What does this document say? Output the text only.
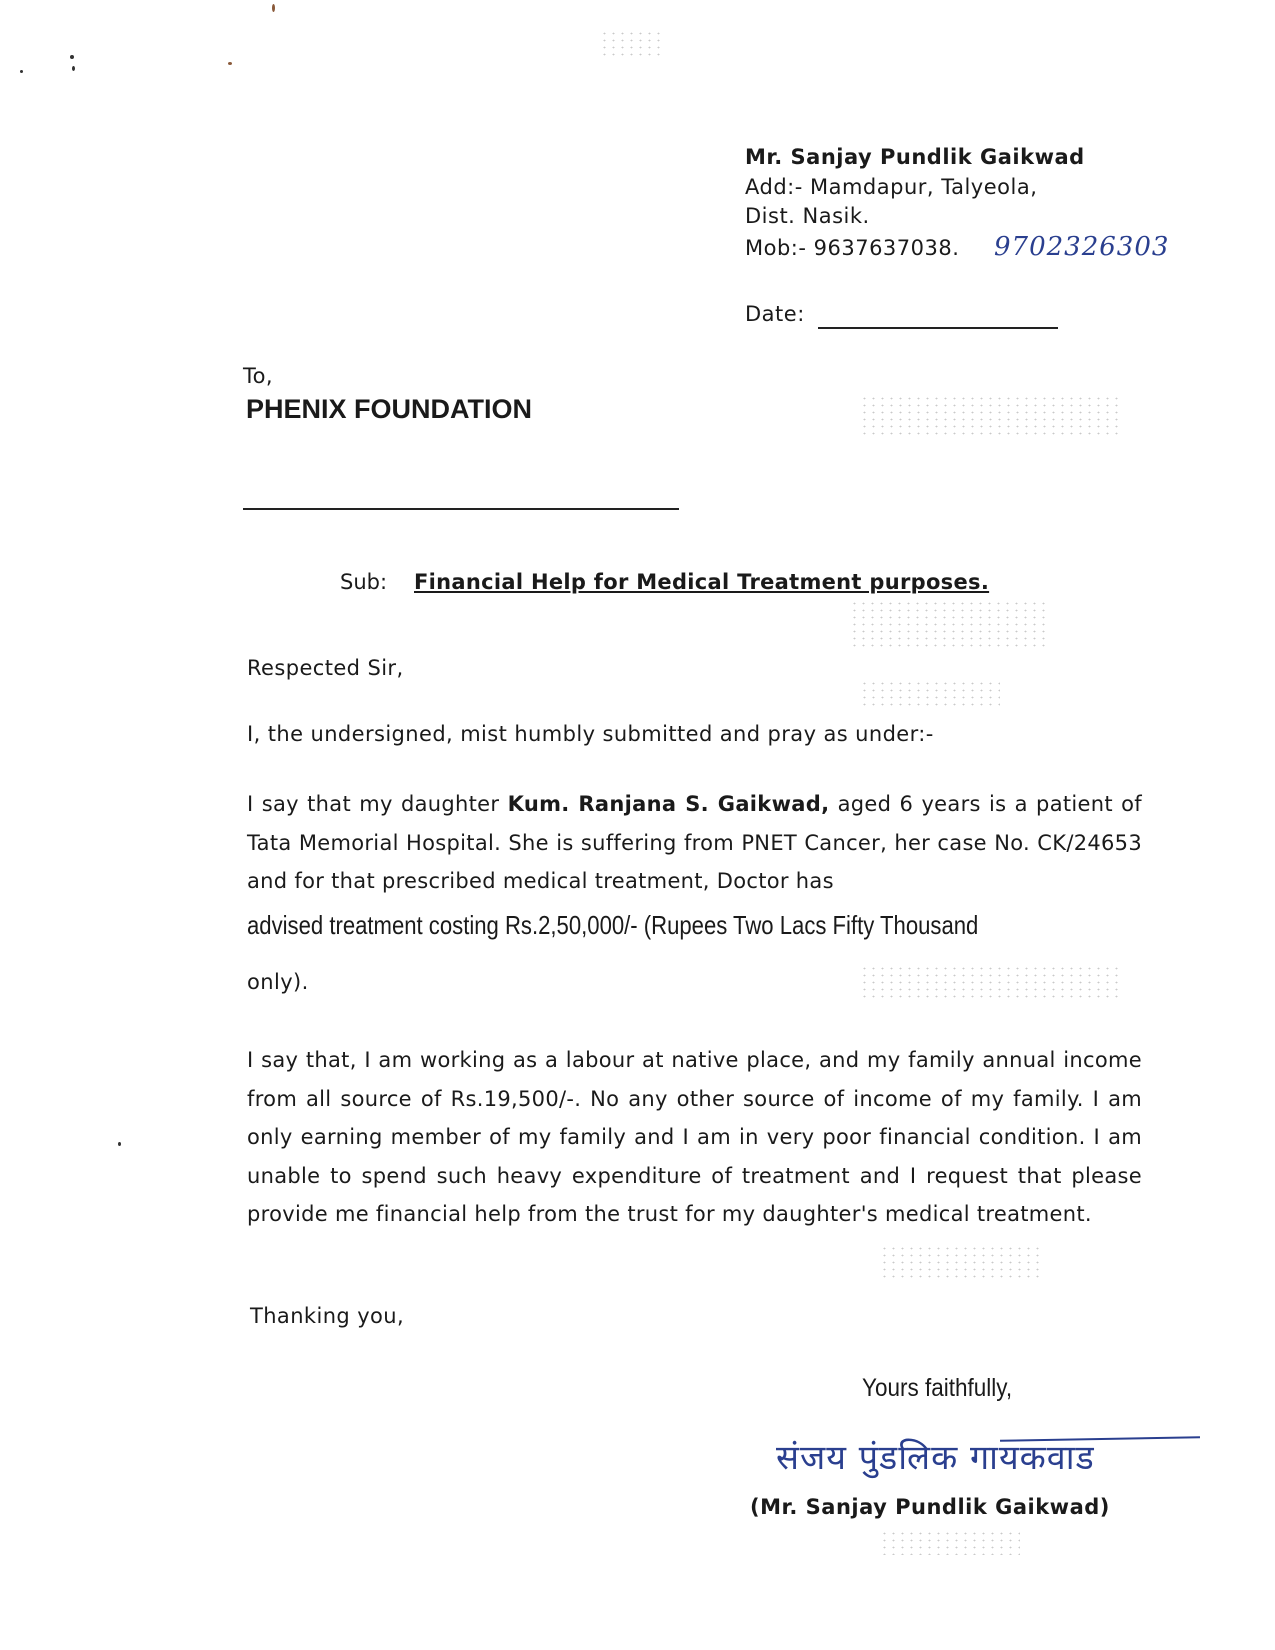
Mr. Sanjay Pundlik Gaikwad
Add:- Mamdapur, Talyeola,
Dist. Nasik.
Mob:- 9637637038. 9702326303
Date:
To,
PHENIX FOUNDATION
Sub: Financial Help for Medical Treatment purposes.
Respected Sir,
I, the undersigned, mist humbly submitted and pray as under:-
I say that my daughter Kum. Ranjana S. Gaikwad, aged 6 years is a patient of Tata Memorial Hospital. She is suffering from PNET Cancer, her case No. CK/24653 and for that prescribed medical treatment, Doctor has
advised treatment costing Rs.2,50,000/- (Rupees Two Lacs Fifty Thousand
only).
I say that, I am working as a labour at native place, and my family annual income from all source of Rs.19,500/-. No any other source of income of my family. I am only earning member of my family and I am in very poor financial condition. I am unable to spend such heavy expenditure of treatment and I request that please provide me financial help from the trust for my daughter's medical treatment.
Thanking you,
Yours faithfully,
संजय पुंडलिक गायकवाड
(Mr. Sanjay Pundlik Gaikwad)
